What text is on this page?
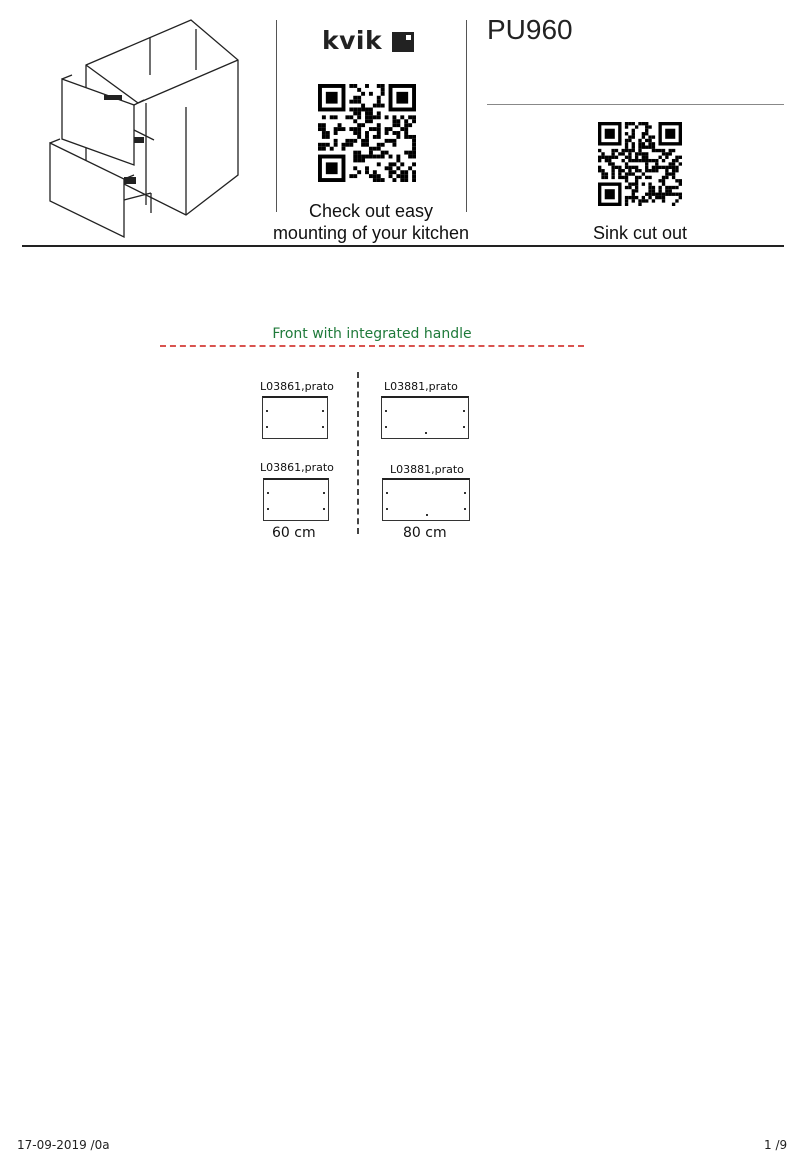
kvik	PU960
Check out easy
mounting of your kitchen	Sink cut out
Front with integrated handle
L03861,prato	L03881,prato
L03861,prato	L03881,prato
60 cm	80 cm
17-09-2019 /0a	1 /9
